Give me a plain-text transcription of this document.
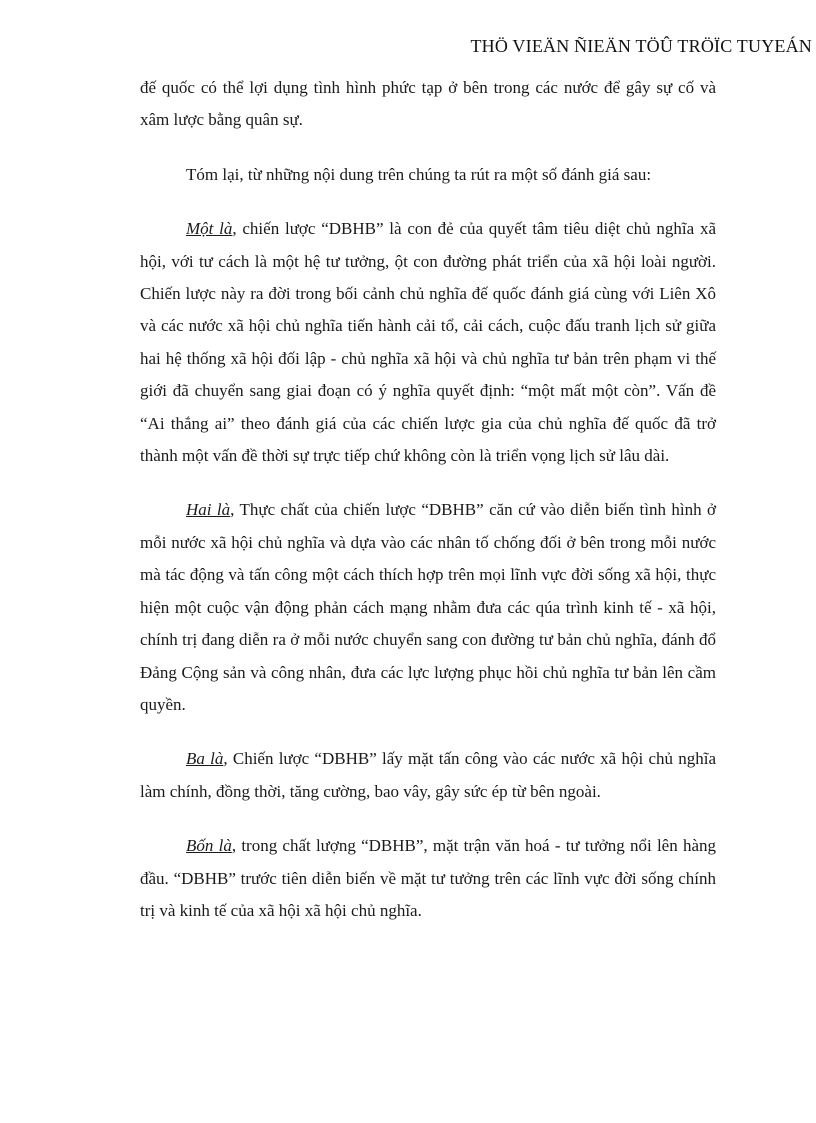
THÖ VIEÄN ÑIEÄN TÖÛ TRÖÏC TUYEÁN

đế quốc có thể lợi dụng tình hình phức tạp ở bên trong các nước để gây sự cố và xâm lược bằng quân sự.

Tóm lại, từ những nội dung trên chúng ta rút ra một số đánh giá sau:

Một là, chiến lược “DBHB” là con đẻ của quyết tâm tiêu diệt chủ nghĩa xã hội, với tư cách là một hệ tư tưởng, ột con đường phát triển của xã hội loài người. Chiến lược này ra đời trong bối cảnh chủ nghĩa đế quốc đánh giá cùng với Liên Xô và các nước xã hội chủ nghĩa tiến hành cải tổ, cải cách, cuộc đấu tranh lịch sử giữa hai hệ thống xã hội đối lập - chủ nghĩa xã hội và chủ nghĩa tư bản trên phạm vi thế giới đã chuyển sang giai đoạn có ý nghĩa quyết định: “một mất một còn”. Vấn đề “Ai thắng ai” theo đánh giá của các chiến lược gia của chủ nghĩa đế quốc đã trở thành một vấn đề thời sự trực tiếp chứ không còn là triển vọng lịch sử lâu dài.

Hai là, Thực chất của chiến lược “DBHB” căn cứ vào diễn biến tình hình ở mỗi nước xã hội chủ nghĩa và dựa vào các nhân tố chống đối ở bên trong mỗi nước mà tác động và tấn công một cách thích hợp trên mọi lĩnh vực đời sống xã hội, thực hiện một cuộc vận động phản cách mạng nhằm đưa các qúa trình kinh tế - xã hội, chính trị đang diễn ra ở mỗi nước chuyển sang con đường tư bản chủ nghĩa, đánh đổ Đảng Cộng sản và công nhân, đưa các lực lượng phục hồi chủ nghĩa tư bản lên cầm quyền.

Ba là, Chiến lược “DBHB” lấy mặt tấn công vào các nước xã hội chủ nghĩa làm chính, đồng thời, tăng cường, bao vây, gây sức ép từ bên ngoài.

Bốn là, trong chất lượng “DBHB”, mặt trận văn hoá - tư tưởng nổi lên hàng đầu. “DBHB” trước tiên diễn biến về mặt tư tưởng trên các lĩnh vực đời sống chính trị và kinh tế của xã hội xã hội chủ nghĩa.
